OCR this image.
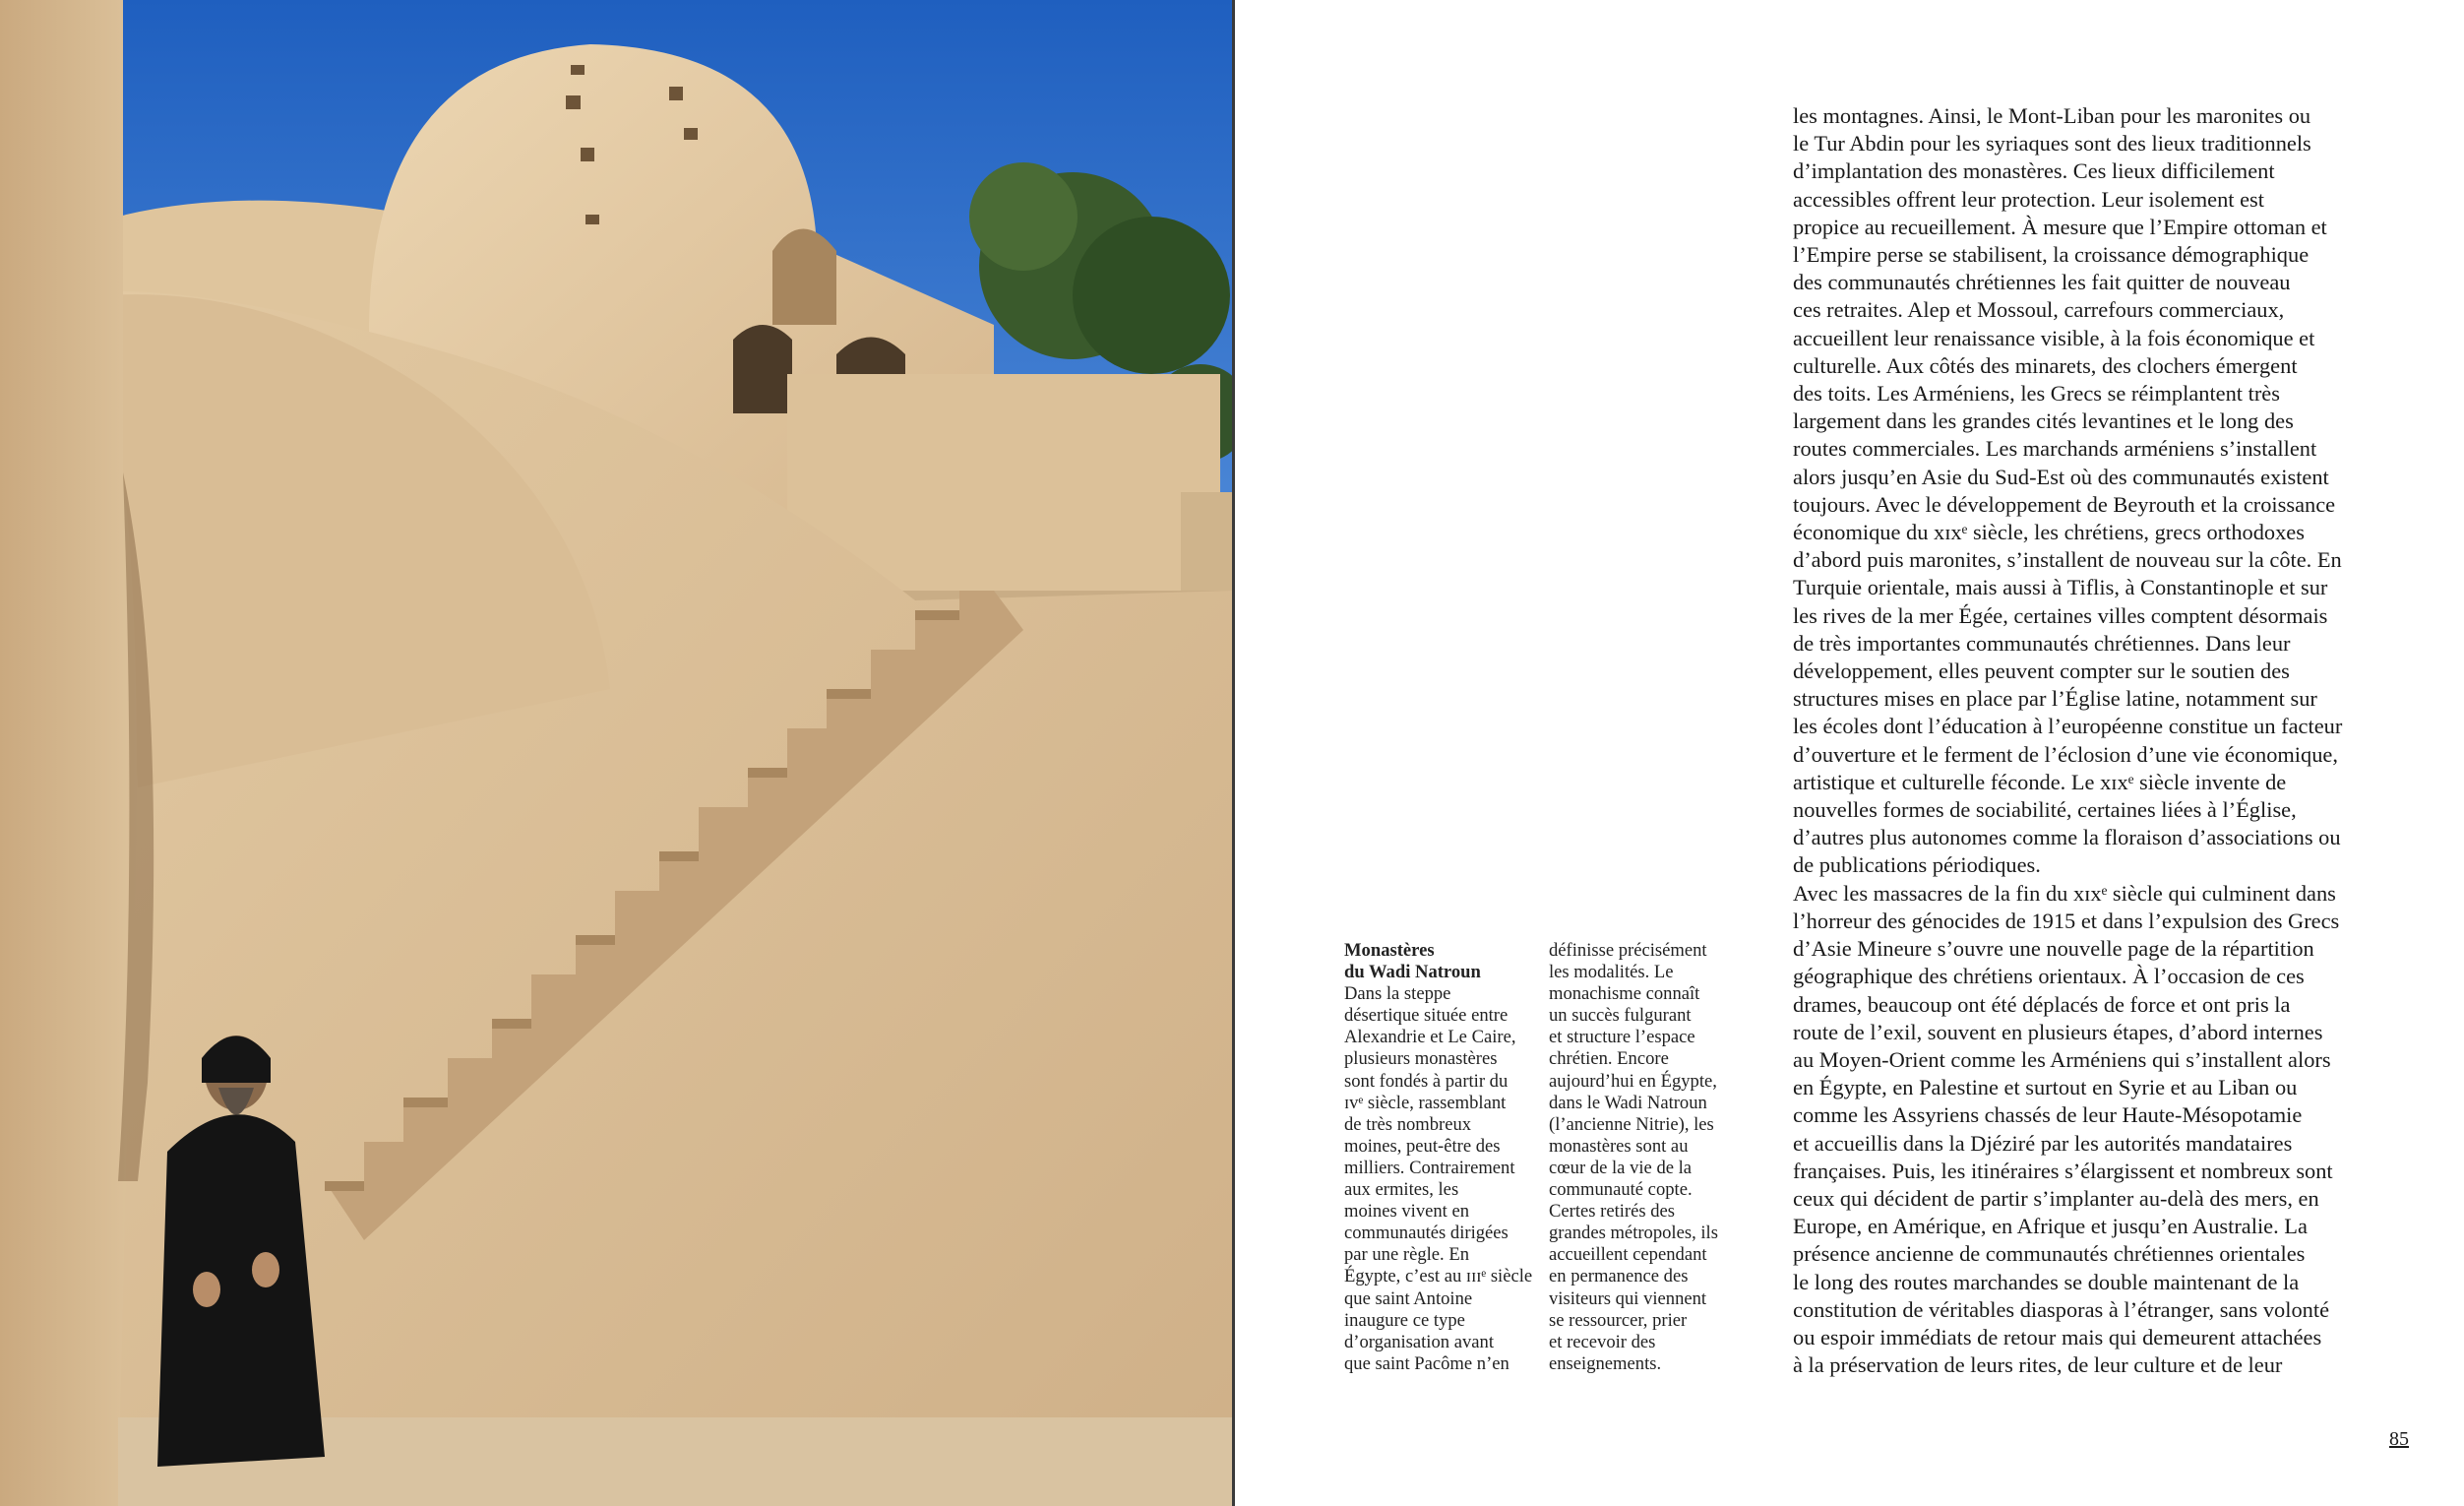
Monastères
du Wadi Natroun
Dans la steppe
désertique située entre
Alexandrie et Le Caire,
plusieurs monastères
sont fondés à partir du
ɪᴠᵉ siècle, rassemblant
de très nombreux
moines, peut-être des
milliers. Contrairement
aux ermites, les
moines vivent en
communautés dirigées
par une règle. En
Égypte, c’est au ɪɪɪᵉ siècle
que saint Antoine
inaugure ce type
d’organisation avant
que saint Pacôme n’en
définisse précisément
les modalités. Le
monachisme connaît
un succès fulgurant
et structure l’espace
chrétien. Encore
aujourd’hui en Égypte,
dans le Wadi Natroun
(l’ancienne Nitrie), les
monastères sont au
cœur de la vie de la
communauté copte.
Certes retirés des
grandes métropoles, ils
accueillent cependant
en permanence des
visiteurs qui viennent
se ressourcer, prier
et recevoir des
enseignements.
les montagnes. Ainsi, le Mont-Liban pour les maronites ou
le Tur Abdin pour les syriaques sont des lieux traditionnels
d’implantation des monastères. Ces lieux difficilement
accessibles offrent leur protection. Leur isolement est
propice au recueillement. À mesure que l’Empire ottoman et
l’Empire perse se stabilisent, la croissance démographique
des communautés chrétiennes les fait quitter de nouveau
ces retraites. Alep et Mossoul, carrefours commerciaux,
accueillent leur renaissance visible, à la fois économique et
culturelle. Aux côtés des minarets, des clochers émergent
des toits. Les Arméniens, les Grecs se réimplantent très
largement dans les grandes cités levantines et le long des
routes commerciales. Les marchands arméniens s’installent
alors jusqu’en Asie du Sud-Est où des communautés existent
toujours. Avec le développement de Beyrouth et la croissance
économique du xɪxᵉ siècle, les chrétiens, grecs orthodoxes
d’abord puis maronites, s’installent de nouveau sur la côte. En
Turquie orientale, mais aussi à Tiflis, à Constantinople et sur
les rives de la mer Égée, certaines villes comptent désormais
de très importantes communautés chrétiennes. Dans leur
développement, elles peuvent compter sur le soutien des
structures mises en place par l’Église latine, notamment sur
les écoles dont l’éducation à l’européenne constitue un facteur
d’ouverture et le ferment de l’éclosion d’une vie économique,
artistique et culturelle féconde. Le xɪxᵉ siècle invente de
nouvelles formes de sociabilité, certaines liées à l’Église,
d’autres plus autonomes comme la floraison d’associations ou
de publications périodiques.
Avec les massacres de la fin du xɪxᵉ siècle qui culminent dans
l’horreur des génocides de 1915 et dans l’expulsion des Grecs
d’Asie Mineure s’ouvre une nouvelle page de la répartition
géographique des chrétiens orientaux. À l’occasion de ces
drames, beaucoup ont été déplacés de force et ont pris la
route de l’exil, souvent en plusieurs étapes, d’abord internes
au Moyen-Orient comme les Arméniens qui s’installent alors
en Égypte, en Palestine et surtout en Syrie et au Liban ou
comme les Assyriens chassés de leur Haute-Mésopotamie
et accueillis dans la Djéziré par les autorités mandataires
françaises. Puis, les itinéraires s’élargissent et nombreux sont
ceux qui décident de partir s’implanter au-delà des mers, en
Europe, en Amérique, en Afrique et jusqu’en Australie. La
présence ancienne de communautés chrétiennes orientales
le long des routes marchandes se double maintenant de la
constitution de véritables diasporas à l’étranger, sans volonté
ou espoir immédiats de retour mais qui demeurent attachées
à la préservation de leurs rites, de leur culture et de leur
85
